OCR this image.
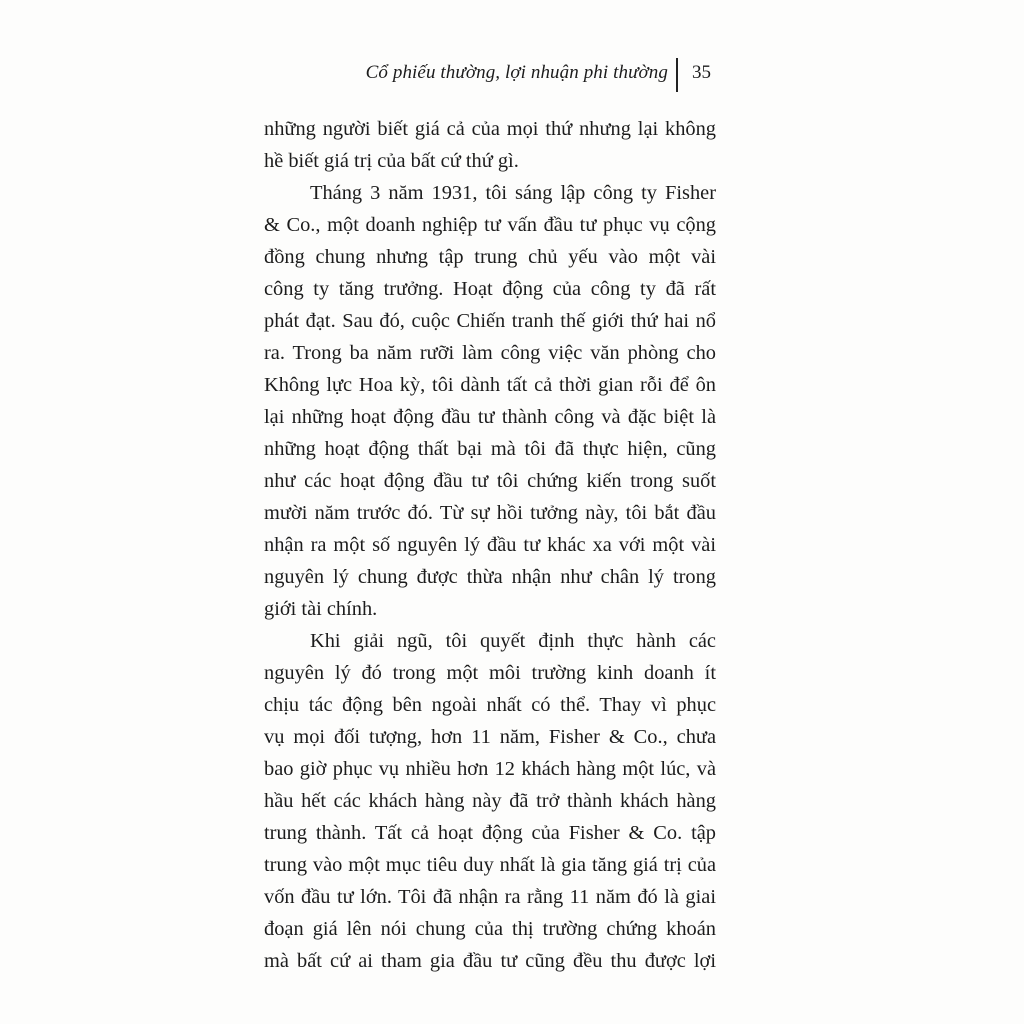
Cổ phiếu thường, lợi nhuận phi thường 35
những người biết giá cả của mọi thứ nhưng lại không
hề biết giá trị của bất cứ thứ gì.
Tháng 3 năm 1931, tôi sáng lập công ty Fisher
& Co., một doanh nghiệp tư vấn đầu tư phục vụ cộng
đồng chung nhưng tập trung chủ yếu vào một vài
công ty tăng trưởng. Hoạt động của công ty đã rất
phát đạt. Sau đó, cuộc Chiến tranh thế giới thứ hai nổ
ra. Trong ba năm rưỡi làm công việc văn phòng cho
Không lực Hoa kỳ, tôi dành tất cả thời gian rỗi để ôn
lại những hoạt động đầu tư thành công và đặc biệt là
những hoạt động thất bại mà tôi đã thực hiện, cũng
như các hoạt động đầu tư tôi chứng kiến trong suốt
mười năm trước đó. Từ sự hồi tưởng này, tôi bắt đầu
nhận ra một số nguyên lý đầu tư khác xa với một vài
nguyên lý chung được thừa nhận như chân lý trong
giới tài chính.
Khi giải ngũ, tôi quyết định thực hành các
nguyên lý đó trong một môi trường kinh doanh ít
chịu tác động bên ngoài nhất có thể. Thay vì phục
vụ mọi đối tượng, hơn 11 năm, Fisher & Co., chưa
bao giờ phục vụ nhiều hơn 12 khách hàng một lúc, và
hầu hết các khách hàng này đã trở thành khách hàng
trung thành. Tất cả hoạt động của Fisher & Co. tập
trung vào một mục tiêu duy nhất là gia tăng giá trị của
vốn đầu tư lớn. Tôi đã nhận ra rằng 11 năm đó là giai
đoạn giá lên nói chung của thị trường chứng khoán
mà bất cứ ai tham gia đầu tư cũng đều thu được lợi
